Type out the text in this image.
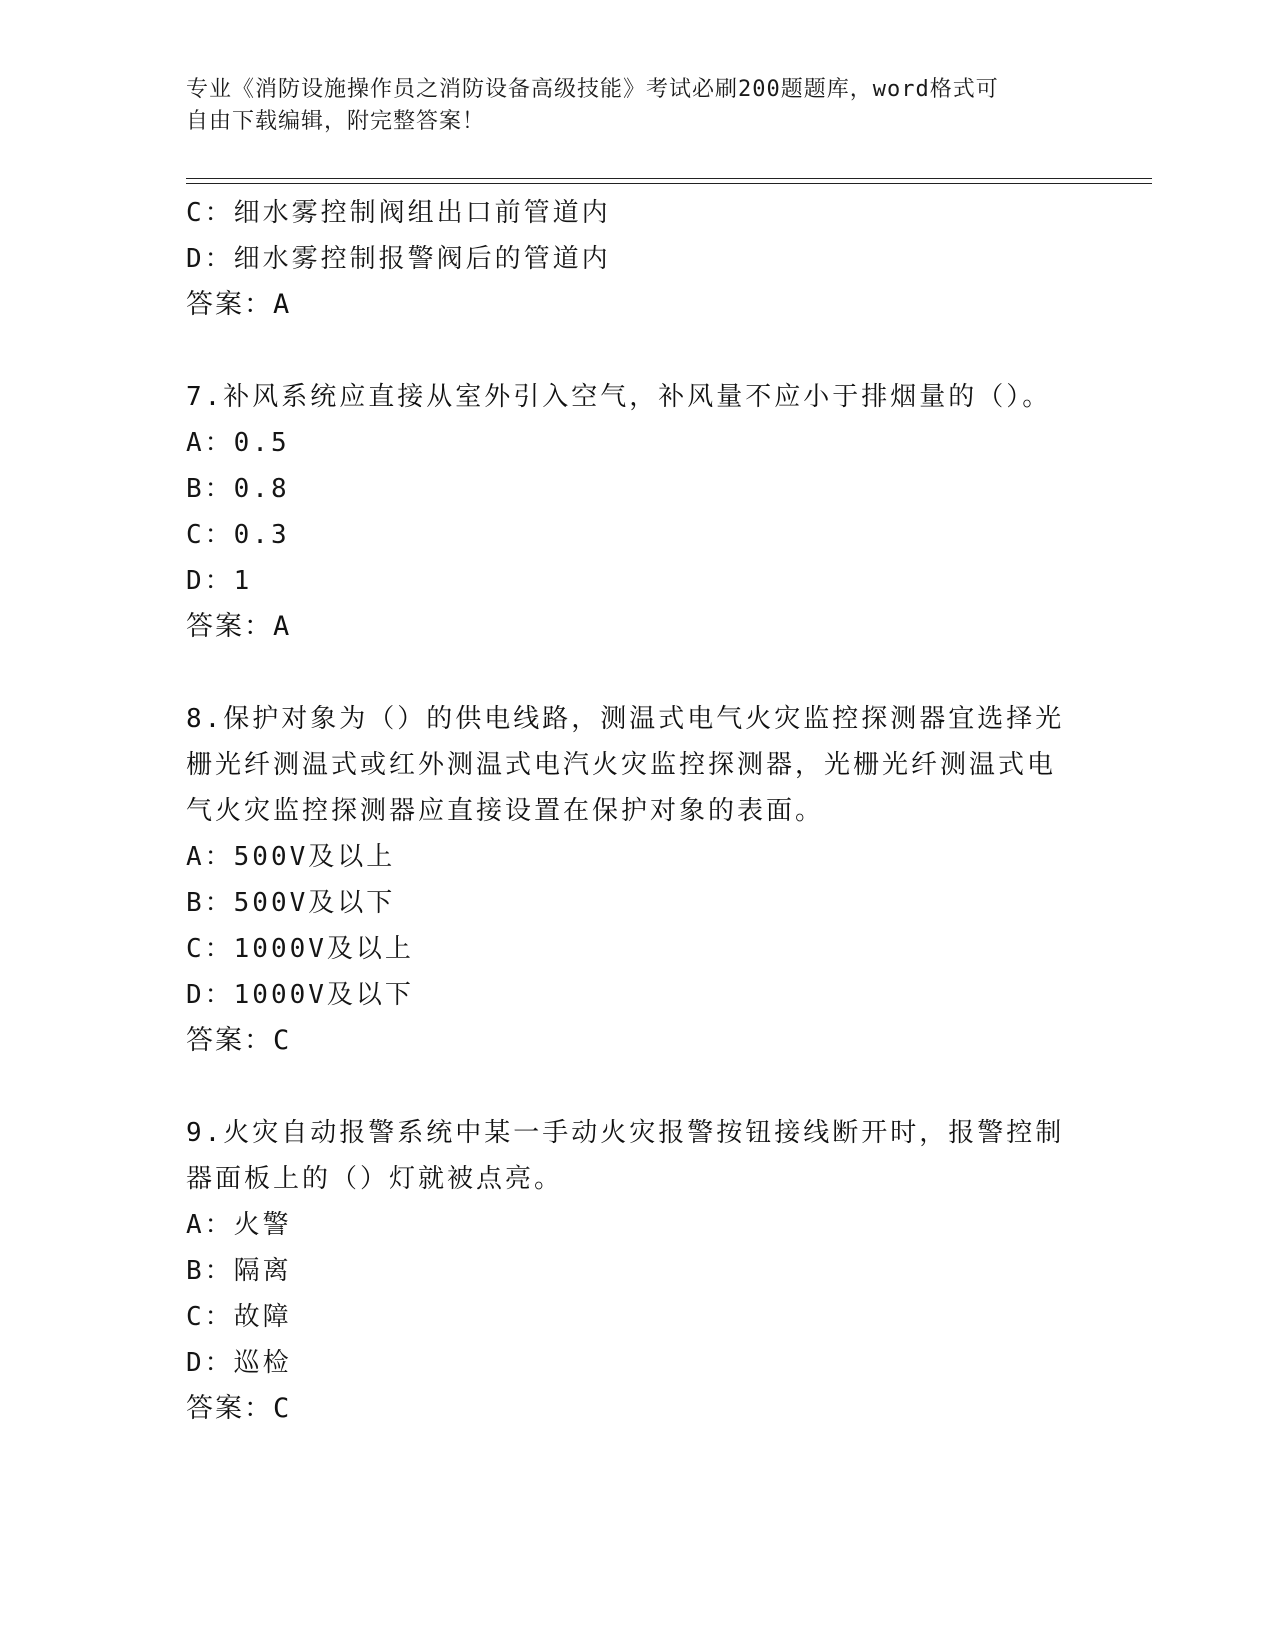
专业《消防设施操作员之消防设备高级技能》考试必刷200题题库，word格式可
自由下载编辑，附完整答案！
C：细水雾控制阀组出口前管道内
D：细水雾控制报警阀后的管道内
答案：A
7.补风系统应直接从室外引入空气，补风量不应小于排烟量的（）。
A：0.5
B：0.8
C：0.3
D：1
答案：A
8.保护对象为（）的供电线路，测温式电气火灾监控探测器宜选择光
栅光纤测温式或红外测温式电汽火灾监控探测器，光栅光纤测温式电
气火灾监控探测器应直接设置在保护对象的表面。
A：500V及以上
B：500V及以下
C：1000V及以上
D：1000V及以下
答案：C
9.火灾自动报警系统中某一手动火灾报警按钮接线断开时，报警控制
器面板上的（）灯就被点亮。
A：火警
B：隔离
C：故障
D：巡检
答案：C
